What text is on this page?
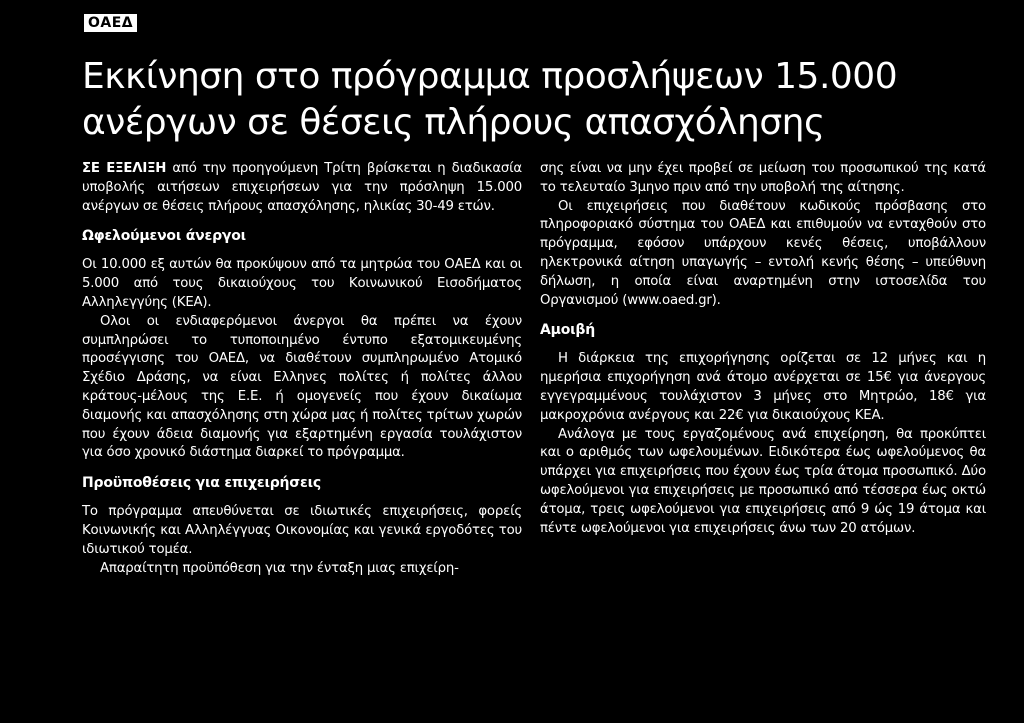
ΟΑΕΔ
Εκκίνηση στο πρόγραμμα προσλήψεων 15.000 ανέργων σε θέσεις πλήρους απασχόλησης

ΣΕ ΕΞΕΛΙΞΗ από την προηγούμενη Τρίτη βρίσκεται η διαδικασία υποβολής αιτήσεων επιχειρήσεων για την πρόσληψη 15.000 ανέργων σε θέσεις πλήρους απασχόλησης, ηλικίας 30-49 ετών.

Ωφελούμενοι άνεργοι

Οι 10.000 εξ αυτών θα προκύψουν από τα μητρώα του ΟΑΕΔ και οι 5.000 από τους δικαιούχους του Κοινωνικού Εισοδήματος Αλληλεγγύης (ΚΕΑ).

Ολοι οι ενδιαφερόμενοι άνεργοι θα πρέπει να έχουν συμπληρώσει το τυποποιημένο έντυπο εξατομικευμένης προσέγγισης του ΟΑΕΔ, να διαθέτουν συμπληρωμένο Ατομικό Σχέδιο Δράσης, να είναι Ελληνες πολίτες ή πολίτες άλλου κράτους-μέλους της Ε.Ε. ή ομογενείς που έχουν δικαίωμα διαμονής και απασχόλησης στη χώρα μας ή πολίτες τρίτων χωρών που έχουν άδεια διαμονής για εξαρτημένη εργασία τουλάχιστον για όσο χρονικό διάστημα διαρκεί το πρόγραμμα.

Προϋποθέσεις για επιχειρήσεις

Το πρόγραμμα απευθύνεται σε ιδιωτικές επιχειρήσεις, φορείς Κοινωνικής και Αλληλέγγυας Οικονομίας και γενικά εργοδότες του ιδιωτικού τομέα.

Απαραίτητη προϋπόθεση για την ένταξη μιας επιχείρη-

σης είναι να μην έχει προβεί σε μείωση του προσωπικού της κατά το τελευταίο 3μηνο πριν από την υποβολή της αίτησης.

Οι επιχειρήσεις που διαθέτουν κωδικούς πρόσβασης στο πληροφοριακό σύστημα του ΟΑΕΔ και επιθυμούν να ενταχθούν στο πρόγραμμα, εφόσον υπάρχουν κενές θέσεις, υποβάλλουν ηλεκτρονικά αίτηση υπαγωγής – εντολή κενής θέσης – υπεύθυνη δήλωση, η οποία είναι αναρτημένη στην ιστοσελίδα του Οργανισμού (www.oaed.gr).

Αμοιβή

Η διάρκεια της επιχορήγησης ορίζεται σε 12 μήνες και η ημερήσια επιχορήγηση ανά άτομο ανέρχεται σε 15€ για άνεργους εγγεγραμμένους τουλάχιστον 3 μήνες στο Μητρώο, 18€ για μακροχρόνια ανέργους και 22€ για δικαιούχους ΚΕΑ.

Ανάλογα με τους εργαζομένους ανά επιχείρηση, θα προκύπτει και ο αριθμός των ωφελουμένων. Ειδικότερα έως ωφελούμενος θα υπάρχει για επιχειρήσεις που έχουν έως τρία άτομα προσωπικό. Δύο ωφελούμενοι για επιχειρήσεις με προσωπικό από τέσσερα έως οκτώ άτομα, τρεις ωφελούμενοι για επιχειρήσεις από 9 ώς 19 άτομα και πέντε ωφελούμενοι για επιχειρήσεις άνω των 20 ατόμων.
